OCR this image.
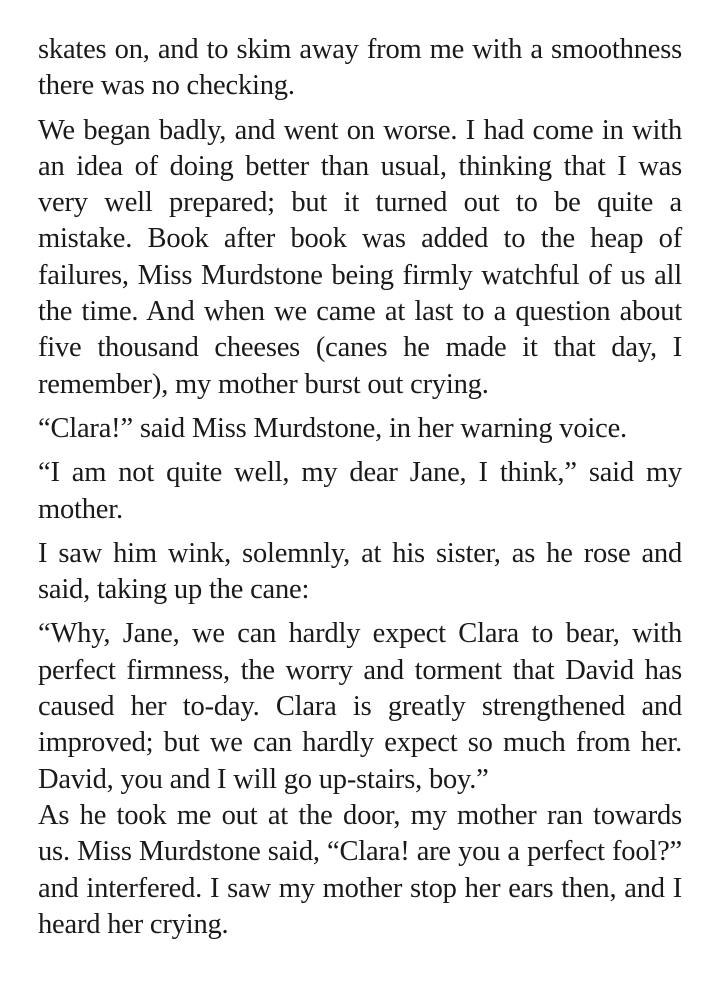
skates on, and to skim away from me with a smoothness there was no checking.

We began badly, and went on worse. I had come in with an idea of doing better than usual, thinking that I was very well prepared; but it turned out to be quite a mistake. Book after book was added to the heap of failures, Miss Murdstone being firmly watchful of us all the time. And when we came at last to a question about five thousand cheeses (canes he made it that day, I remember), my mother burst out crying.

“Clara!” said Miss Murdstone, in her warning voice.

“I am not quite well, my dear Jane, I think,” said my mother.

I saw him wink, solemnly, at his sister, as he rose and said, taking up the cane:

“Why, Jane, we can hardly expect Clara to bear, with perfect firmness, the worry and torment that David has caused her to-day. Clara is greatly strengthened and improved; but we can hardly expect so much from her. David, you and I will go up-stairs, boy.”

As he took me out at the door, my mother ran towards us. Miss Murdstone said, “Clara! are you a perfect fool?” and interfered. I saw my mother stop her ears then, and I heard her crying.
